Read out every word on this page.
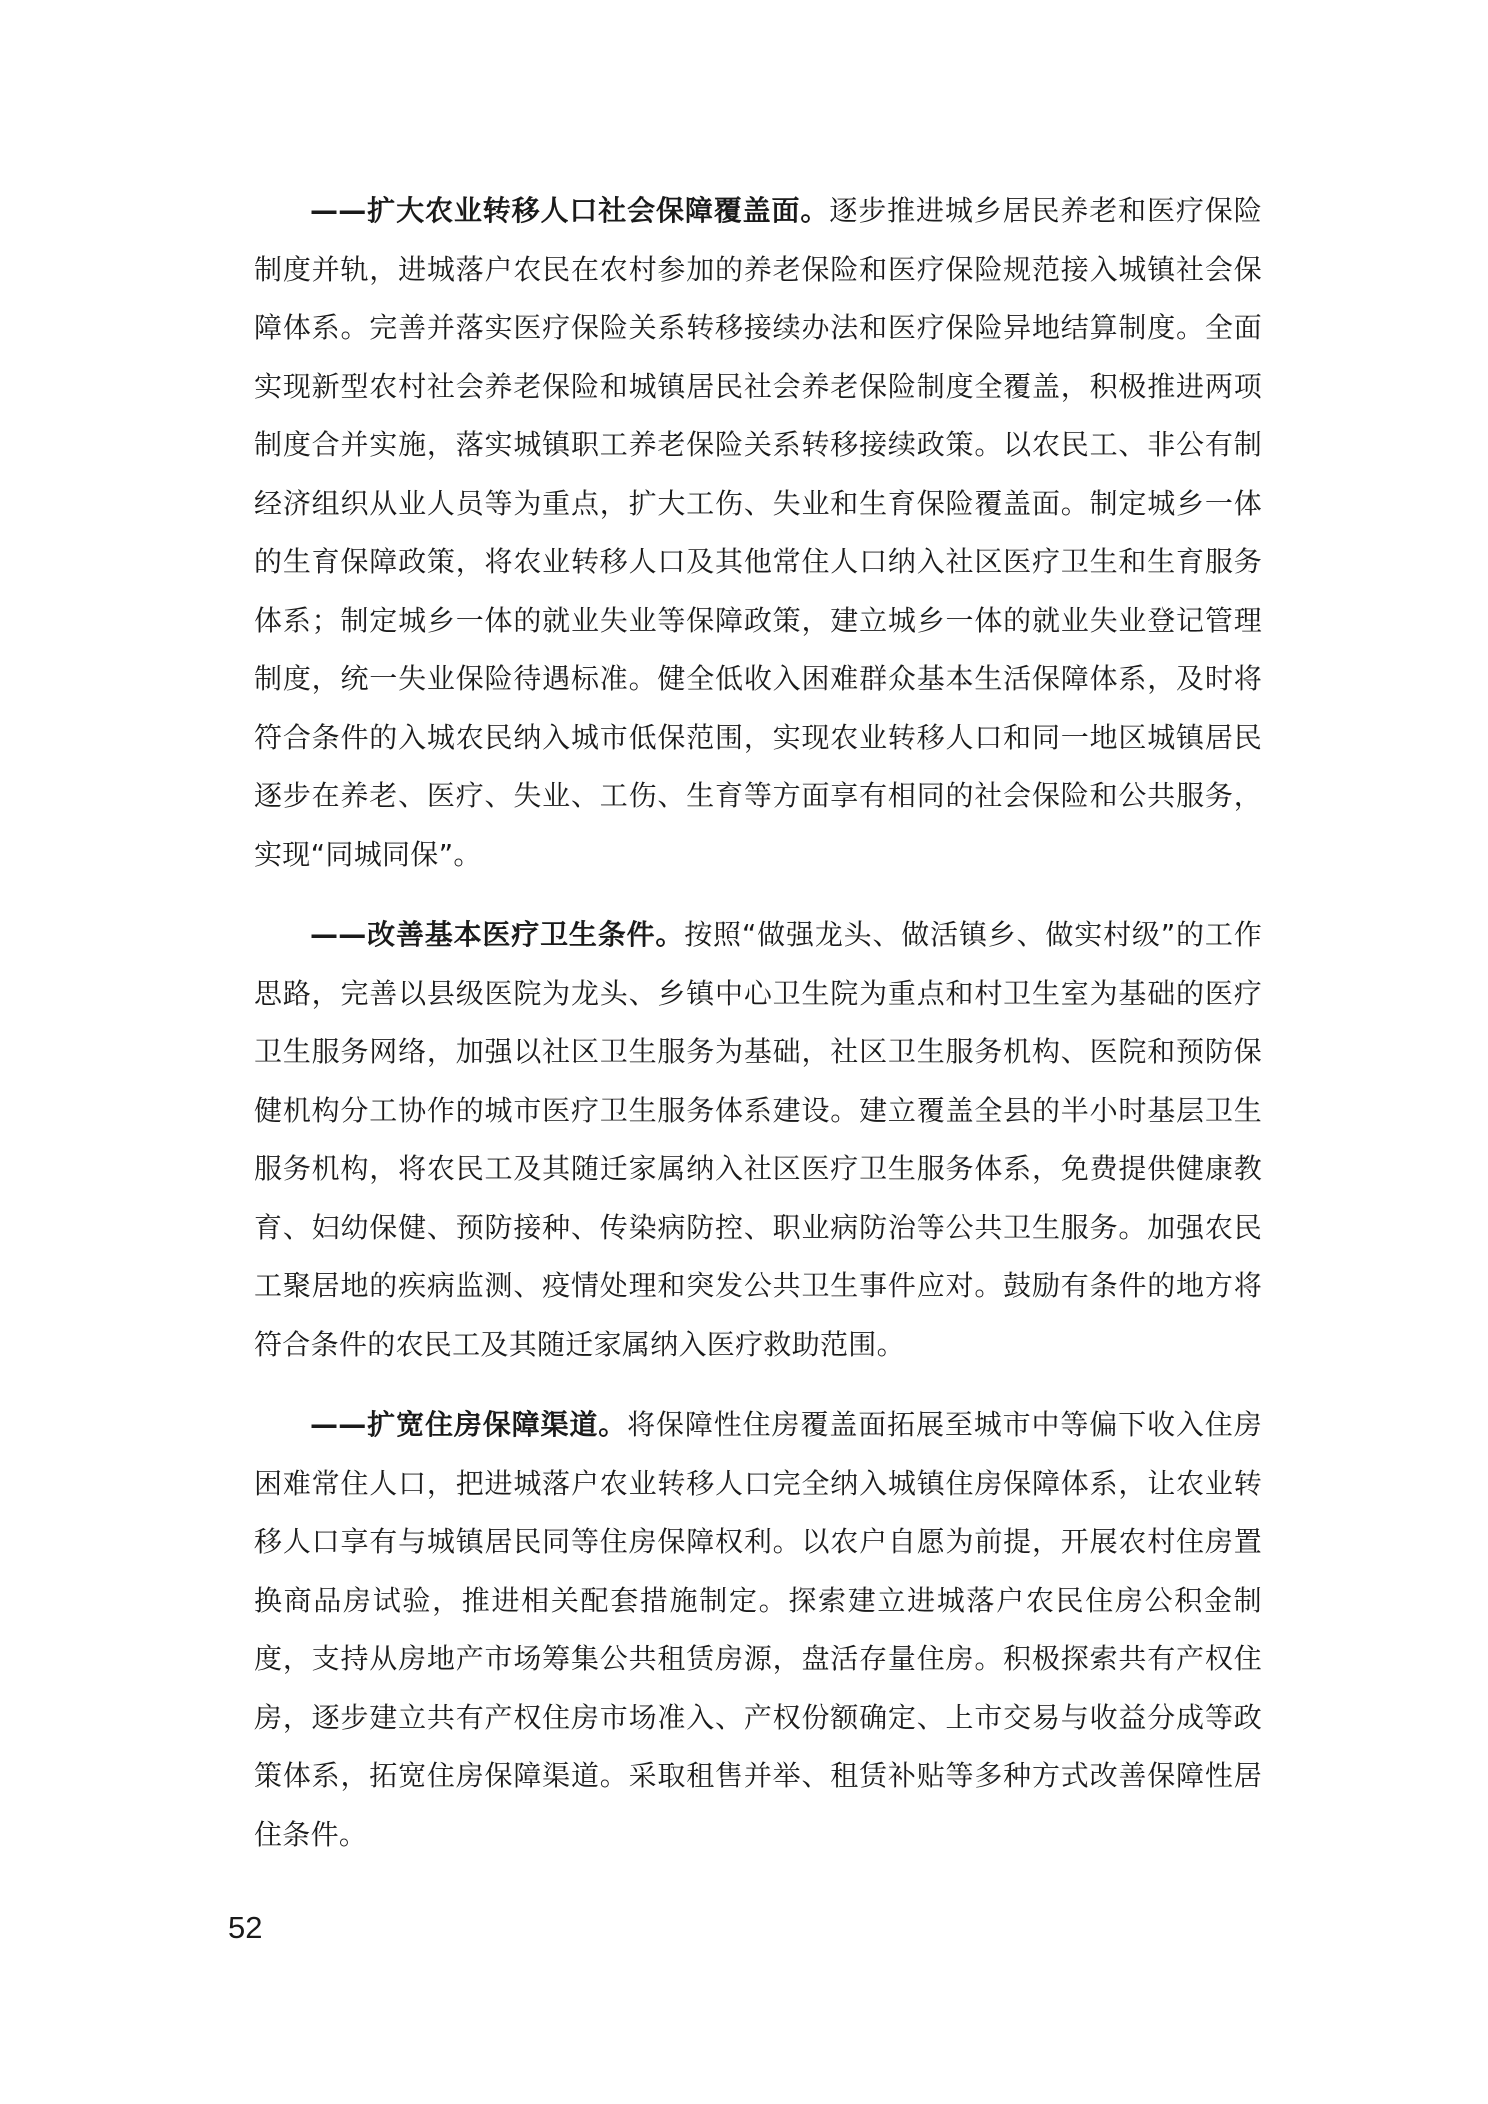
——扩大农业转移人口社会保障覆盖面。逐步推进城乡居民养老和医疗保险制度并轨，进城落户农民在农村参加的养老保险和医疗保险规范接入城镇社会保障体系。完善并落实医疗保险关系转移接续办法和医疗保险异地结算制度。全面实现新型农村社会养老保险和城镇居民社会养老保险制度全覆盖，积极推进两项制度合并实施，落实城镇职工养老保险关系转移接续政策。以农民工、非公有制经济组织从业人员等为重点，扩大工伤、失业和生育保险覆盖面。制定城乡一体的生育保障政策，将农业转移人口及其他常住人口纳入社区医疗卫生和生育服务体系；制定城乡一体的就业失业等保障政策，建立城乡一体的就业失业登记管理制度，统一失业保险待遇标准。健全低收入困难群众基本生活保障体系，及时将符合条件的入城农民纳入城市低保范围，实现农业转移人口和同一地区城镇居民逐步在养老、医疗、失业、工伤、生育等方面享有相同的社会保险和公共服务，实现“同城同保”。

——改善基本医疗卫生条件。按照“做强龙头、做活镇乡、做实村级”的工作思路，完善以县级医院为龙头、乡镇中心卫生院为重点和村卫生室为基础的医疗卫生服务网络，加强以社区卫生服务为基础，社区卫生服务机构、医院和预防保健机构分工协作的城市医疗卫生服务体系建设。建立覆盖全县的半小时基层卫生服务机构，将农民工及其随迁家属纳入社区医疗卫生服务体系，免费提供健康教育、妇幼保健、预防接种、传染病防控、职业病防治等公共卫生服务。加强农民工聚居地的疾病监测、疫情处理和突发公共卫生事件应对。鼓励有条件的地方将符合条件的农民工及其随迁家属纳入医疗救助范围。

——扩宽住房保障渠道。将保障性住房覆盖面拓展至城市中等偏下收入住房困难常住人口，把进城落户农业转移人口完全纳入城镇住房保障体系，让农业转移人口享有与城镇居民同等住房保障权利。以农户自愿为前提，开展农村住房置换商品房试验，推进相关配套措施制定。探索建立进城落户农民住房公积金制度，支持从房地产市场筹集公共租赁房源，盘活存量住房。积极探索共有产权住房，逐步建立共有产权住房市场准入、产权份额确定、上市交易与收益分成等政策体系，拓宽住房保障渠道。采取租售并举、租赁补贴等多种方式改善保障性居住条件。

52
